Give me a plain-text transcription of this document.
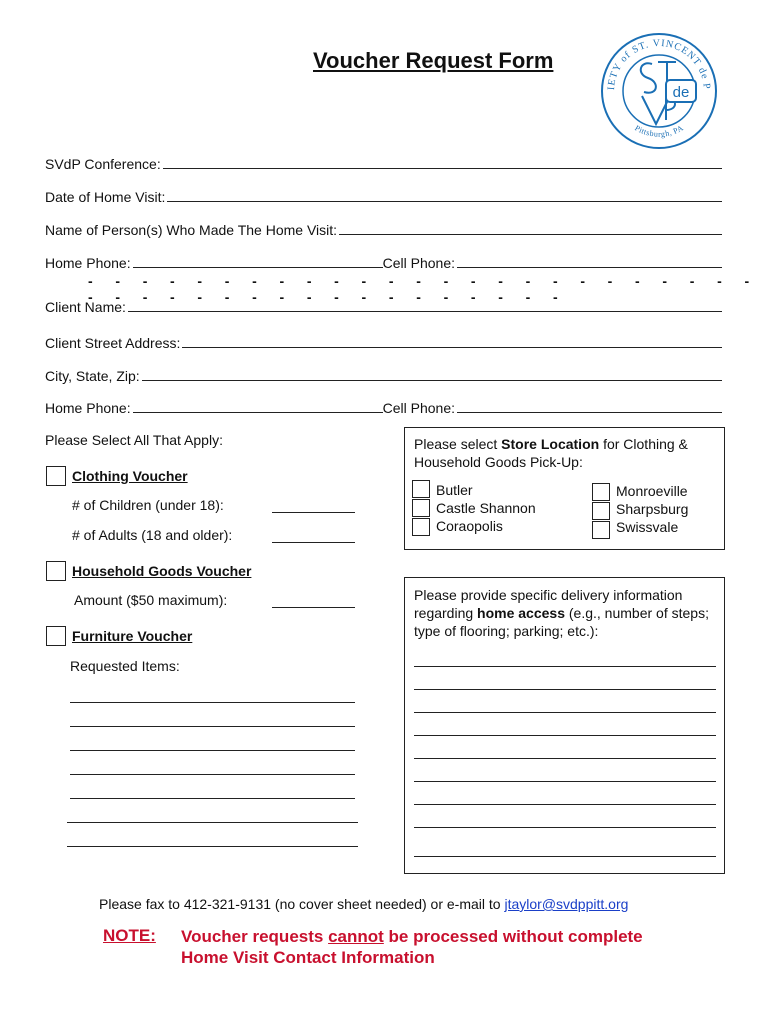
Voucher Request Form
IETY of ST. VINCENT de P
Pittsburgh, PA
de
SVdP Conference:
Date of Home Visit:
Name of Person(s) Who Made The Home Visit:
Home Phone:	Cell Phone:
- - - - - - - - - - - - - - - - - - - - - - - - - - - - - - - - - - - - - - - - - - -
Client Name:
Client Street Address:
City, State, Zip:
Home Phone:	Cell Phone:
Please Select All That Apply:
Clothing Voucher
# of Children (under 18):
# of Adults (18 and older):
Household Goods Voucher
Amount ($50 maximum):
Furniture Voucher
Requested Items:
Please select Store Location for Clothing & Household Goods Pick-Up:
Butler
Castle Shannon
Coraopolis
Monroeville
Sharpsburg
Swissvale
Please provide specific delivery information regarding home access (e.g., number of steps; type of flooring; parking; etc.):
Please fax to 412-321-9131 (no cover sheet needed) or e-mail to jtaylor@svdppitt.org
NOTE: Voucher requests cannot be processed without complete
Home Visit Contact Information
